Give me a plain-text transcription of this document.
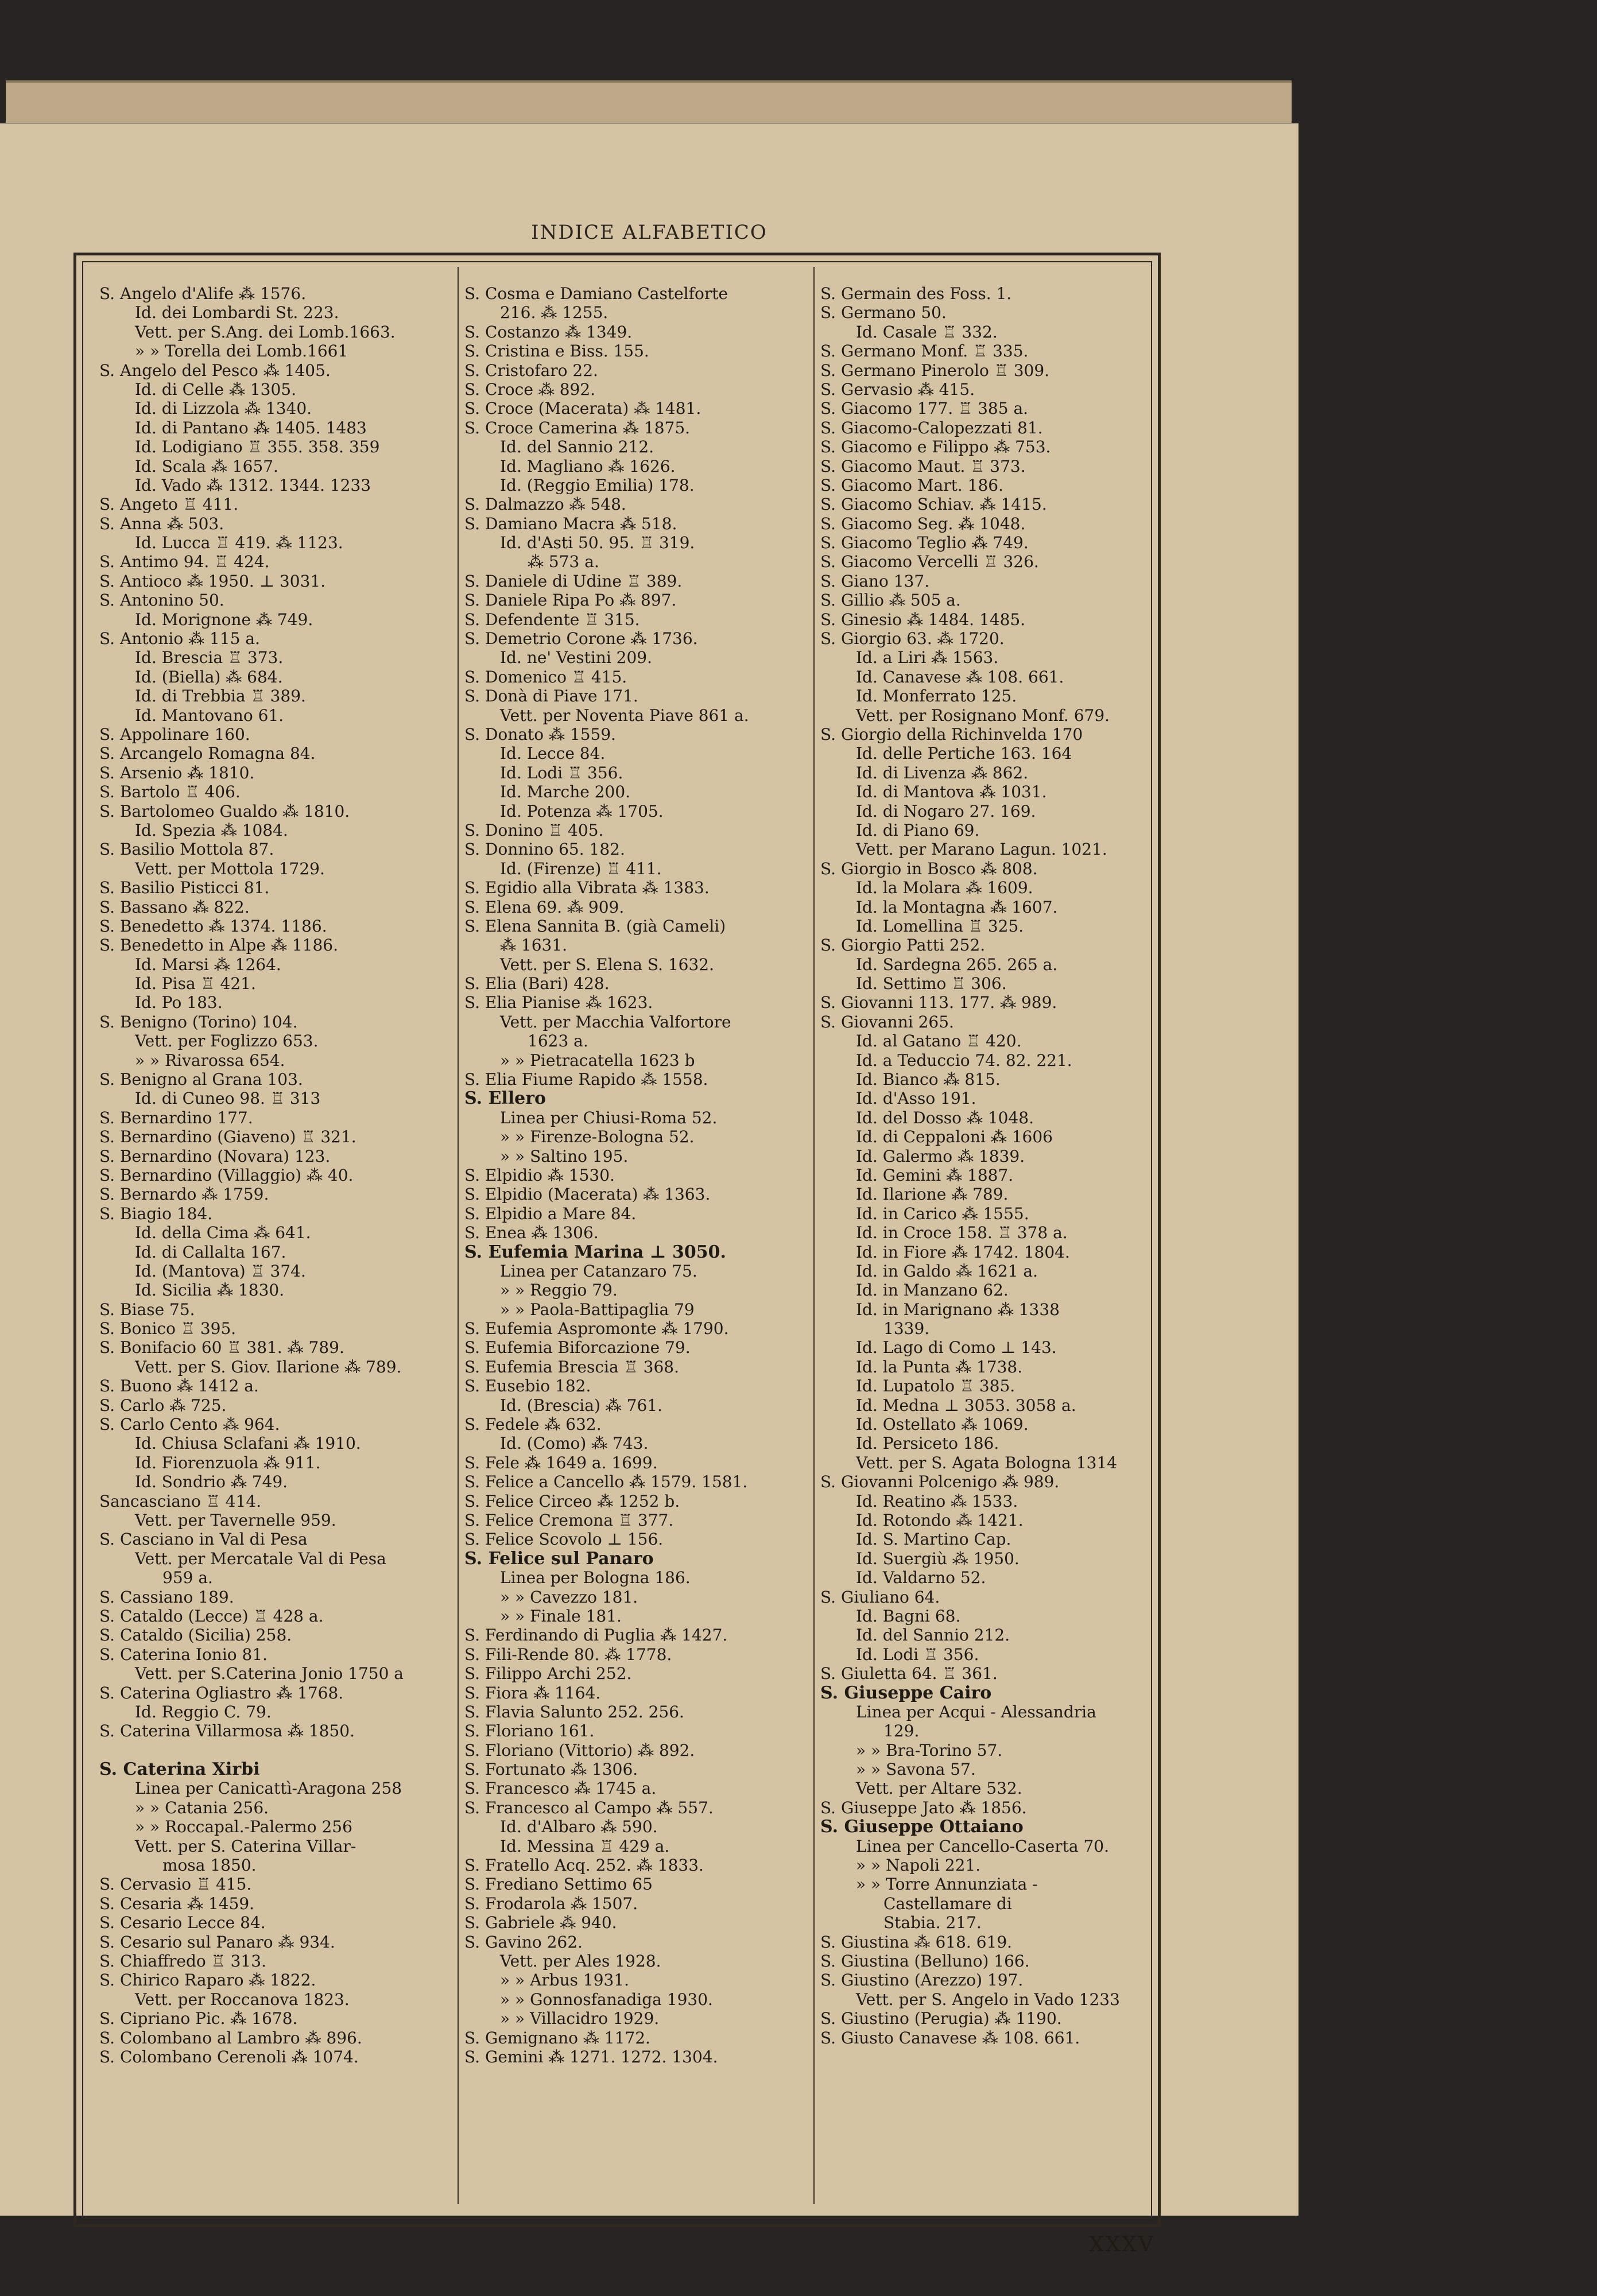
INDICE ALFABETICO
S. Angelo d'Alife ⁂ 1576.
Id. dei Lombardi St. 223.
Vett. per S.Ang. dei Lomb.1663.
» » Torella dei Lomb.1661
S. Angelo del Pesco ⁂ 1405.
Id. di Celle ⁂ 1305.
Id. di Lizzola ⁂ 1340.
Id. di Pantano ⁂ 1405. 1483
Id. Lodigiano ♖ 355. 358. 359
Id. Scala ⁂ 1657.
Id. Vado ⁂ 1312. 1344. 1233
S. Angeto ♖ 411.
S. Anna ⁂ 503.
Id. Lucca ♖ 419. ⁂ 1123.
S. Antimo 94. ♖ 424.
S. Antioco ⁂ 1950. ⊥ 3031.
S. Antonino 50.
Id. Morignone ⁂ 749.
S. Antonio ⁂ 115 a.
Id. Brescia ♖ 373.
Id. (Biella) ⁂ 684.
Id. di Trebbia ♖ 389.
Id. Mantovano 61.
S. Appolinare 160.
S. Arcangelo Romagna 84.
S. Arsenio ⁂ 1810.
S. Bartolo ♖ 406.
S. Bartolomeo Gualdo ⁂ 1810.
Id. Spezia ⁂ 1084.
S. Basilio Mottola 87.
Vett. per Mottola 1729.
S. Basilio Pisticci 81.
S. Bassano ⁂ 822.
S. Benedetto ⁂ 1374. 1186.
S. Benedetto in Alpe ⁂ 1186.
Id. Marsi ⁂ 1264.
Id. Pisa ♖ 421.
Id. Po 183.
S. Benigno (Torino) 104.
Vett. per Foglizzo 653.
» » Rivarossa 654.
S. Benigno al Grana 103.
Id. di Cuneo 98. ♖ 313
S. Bernardino 177.
S. Bernardino (Giaveno) ♖ 321.
S. Bernardino (Novara) 123.
S. Bernardino (Villaggio) ⁂ 40.
S. Bernardo ⁂ 1759.
S. Biagio 184.
Id. della Cima ⁂ 641.
Id. di Callalta 167.
Id. (Mantova) ♖ 374.
Id. Sicilia ⁂ 1830.
S. Biase 75.
S. Bonico ♖ 395.
S. Bonifacio 60 ♖ 381. ⁂ 789.
Vett. per S. Giov. Ilarione ⁂ 789.
S. Buono ⁂ 1412 a.
S. Carlo ⁂ 725.
S. Carlo Cento ⁂ 964.
Id. Chiusa Sclafani ⁂ 1910.
Id. Fiorenzuola ⁂ 911.
Id. Sondrio ⁂ 749.
Sancasciano ♖ 414.
Vett. per Tavernelle 959.
S. Casciano in Val di Pesa
Vett. per Mercatale Val di Pesa
959 a.
S. Cassiano 189.
S. Cataldo (Lecce) ♖ 428 a.
S. Cataldo (Sicilia) 258.
S. Caterina Ionio 81.
Vett. per S.Caterina Jonio 1750 a
S. Caterina Ogliastro ⁂ 1768.
Id. Reggio C. 79.
S. Caterina Villarmosa ⁂ 1850.
S. Caterina Xirbi
Linea per Canicattì-Aragona 258
» » Catania 256.
» » Roccapal.-Palermo 256
Vett. per S. Caterina Villar-
mosa 1850.
S. Cervasio ♖ 415.
S. Cesaria ⁂ 1459.
S. Cesario Lecce 84.
S. Cesario sul Panaro ⁂ 934.
S. Chiaffredo ♖ 313.
S. Chirico Raparo ⁂ 1822.
Vett. per Roccanova 1823.
S. Cipriano Pic. ⁂ 1678.
S. Colombano al Lambro ⁂ 896.
S. Colombano Cerenoli ⁂ 1074.
S. Cosma e Damiano Castelforte
216. ⁂ 1255.
S. Costanzo ⁂ 1349.
S. Cristina e Biss. 155.
S. Cristofaro 22.
S. Croce ⁂ 892.
S. Croce (Macerata) ⁂ 1481.
S. Croce Camerina ⁂ 1875.
Id. del Sannio 212.
Id. Magliano ⁂ 1626.
Id. (Reggio Emilia) 178.
S. Dalmazzo ⁂ 548.
S. Damiano Macra ⁂ 518.
Id. d'Asti 50. 95. ♖ 319.
⁂ 573 a.
S. Daniele di Udine ♖ 389.
S. Daniele Ripa Po ⁂ 897.
S. Defendente ♖ 315.
S. Demetrio Corone ⁂ 1736.
Id. ne' Vestini 209.
S. Domenico ♖ 415.
S. Donà di Piave 171.
Vett. per Noventa Piave 861 a.
S. Donato ⁂ 1559.
Id. Lecce 84.
Id. Lodi ♖ 356.
Id. Marche 200.
Id. Potenza ⁂ 1705.
S. Donino ♖ 405.
S. Donnino 65. 182.
Id. (Firenze) ♖ 411.
S. Egidio alla Vibrata ⁂ 1383.
S. Elena 69. ⁂ 909.
S. Elena Sannita B. (già Cameli)
⁂ 1631.
Vett. per S. Elena S. 1632.
S. Elia (Bari) 428.
S. Elia Pianise ⁂ 1623.
Vett. per Macchia Valfortore
1623 a.
» » Pietracatella 1623 b
S. Elia Fiume Rapido ⁂ 1558.
S. Ellero
Linea per Chiusi-Roma 52.
» » Firenze-Bologna 52.
» » Saltino 195.
S. Elpidio ⁂ 1530.
S. Elpidio (Macerata) ⁂ 1363.
S. Elpidio a Mare 84.
S. Enea ⁂ 1306.
S. Eufemia Marina ⊥ 3050.
Linea per Catanzaro 75.
» » Reggio 79.
» » Paola-Battipaglia 79
S. Eufemia Aspromonte ⁂ 1790.
S. Eufemia Biforcazione 79.
S. Eufemia Brescia ♖ 368.
S. Eusebio 182.
Id. (Brescia) ⁂ 761.
S. Fedele ⁂ 632.
Id. (Como) ⁂ 743.
S. Fele ⁂ 1649 a. 1699.
S. Felice a Cancello ⁂ 1579. 1581.
S. Felice Circeo ⁂ 1252 b.
S. Felice Cremona ♖ 377.
S. Felice Scovolo ⊥ 156.
S. Felice sul Panaro
Linea per Bologna 186.
» » Cavezzo 181.
» » Finale 181.
S. Ferdinando di Puglia ⁂ 1427.
S. Fili-Rende 80. ⁂ 1778.
S. Filippo Archi 252.
S. Fiora ⁂ 1164.
S. Flavia Salunto 252. 256.
S. Floriano 161.
S. Floriano (Vittorio) ⁂ 892.
S. Fortunato ⁂ 1306.
S. Francesco ⁂ 1745 a.
S. Francesco al Campo ⁂ 557.
Id. d'Albaro ⁂ 590.
Id. Messina ♖ 429 a.
S. Fratello Acq. 252. ⁂ 1833.
S. Frediano Settimo 65
S. Frodarola ⁂ 1507.
S. Gabriele ⁂ 940.
S. Gavino 262.
Vett. per Ales 1928.
» » Arbus 1931.
» » Gonnosfanadiga 1930.
» » Villacidro 1929.
S. Gemignano ⁂ 1172.
S. Gemini ⁂ 1271. 1272. 1304.
S. Germain des Foss. 1.
S. Germano 50.
Id. Casale ♖ 332.
S. Germano Monf. ♖ 335.
S. Germano Pinerolo ♖ 309.
S. Gervasio ⁂ 415.
S. Giacomo 177. ♖ 385 a.
S. Giacomo-Calopezzati 81.
S. Giacomo e Filippo ⁂ 753.
S. Giacomo Maut. ♖ 373.
S. Giacomo Mart. 186.
S. Giacomo Schiav. ⁂ 1415.
S. Giacomo Seg. ⁂ 1048.
S. Giacomo Teglio ⁂ 749.
S. Giacomo Vercelli ♖ 326.
S. Giano 137.
S. Gillio ⁂ 505 a.
S. Ginesio ⁂ 1484. 1485.
S. Giorgio 63. ⁂ 1720.
Id. a Liri ⁂ 1563.
Id. Canavese ⁂ 108. 661.
Id. Monferrato 125.
Vett. per Rosignano Monf. 679.
S. Giorgio della Richinvelda 170
Id. delle Pertiche 163. 164
Id. di Livenza ⁂ 862.
Id. di Mantova ⁂ 1031.
Id. di Nogaro 27. 169.
Id. di Piano 69.
Vett. per Marano Lagun. 1021.
S. Giorgio in Bosco ⁂ 808.
Id. la Molara ⁂ 1609.
Id. la Montagna ⁂ 1607.
Id. Lomellina ♖ 325.
S. Giorgio Patti 252.
Id. Sardegna 265. 265 a.
Id. Settimo ♖ 306.
S. Giovanni 113. 177. ⁂ 989.
S. Giovanni 265.
Id. al Gatano ♖ 420.
Id. a Teduccio 74. 82. 221.
Id. Bianco ⁂ 815.
Id. d'Asso 191.
Id. del Dosso ⁂ 1048.
Id. di Ceppaloni ⁂ 1606
Id. Galermo ⁂ 1839.
Id. Gemini ⁂ 1887.
Id. Ilarione ⁂ 789.
Id. in Carico ⁂ 1555.
Id. in Croce 158. ♖ 378 a.
Id. in Fiore ⁂ 1742. 1804.
Id. in Galdo ⁂ 1621 a.
Id. in Manzano 62.
Id. in Marignano ⁂ 1338
1339.
Id. Lago di Como ⊥ 143.
Id. la Punta ⁂ 1738.
Id. Lupatolo ♖ 385.
Id. Medna ⊥ 3053. 3058 a.
Id. Ostellato ⁂ 1069.
Id. Persiceto 186.
Vett. per S. Agata Bologna 1314
S. Giovanni Polcenigo ⁂ 989.
Id. Reatino ⁂ 1533.
Id. Rotondo ⁂ 1421.
Id. S. Martino Cap.
Id. Suergiù ⁂ 1950.
Id. Valdarno 52.
S. Giuliano 64.
Id. Bagni 68.
Id. del Sannio 212.
Id. Lodi ♖ 356.
S. Giuletta 64. ♖ 361.
S. Giuseppe Cairo
Linea per Acqui - Alessandria
129.
» » Bra-Torino 57.
» » Savona 57.
Vett. per Altare 532.
S. Giuseppe Jato ⁂ 1856.
S. Giuseppe Ottaiano
Linea per Cancello-Caserta 70.
» » Napoli 221.
» » Torre Annunziata -
Castellamare di
Stabia. 217.
S. Giustina ⁂ 618. 619.
S. Giustina (Belluno) 166.
S. Giustino (Arezzo) 197.
Vett. per S. Angelo in Vado 1233
S. Giustino (Perugia) ⁂ 1190.
S. Giusto Canavese ⁂ 108. 661.
XXXV
